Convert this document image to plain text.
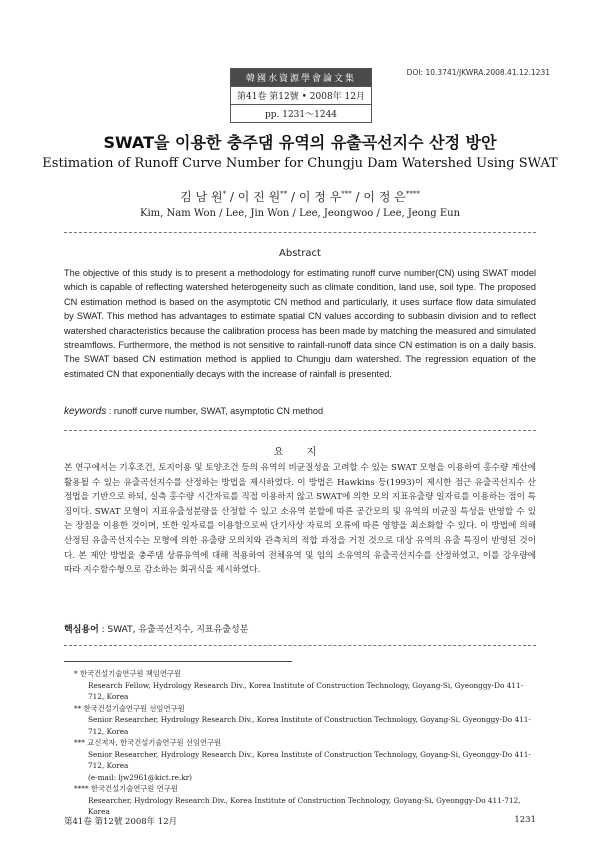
韓國水資源學會論文集
第41卷 第12號 • 2008年 12月
pp. 1231～1244
DOI: 10.3741/JKWRA.2008.41.12.1231
SWAT을 이용한 충주댐 유역의 유출곡선지수 산정 방안
Estimation of Runoff Curve Number for Chungju Dam Watershed Using SWAT
김 남 원* / 이 진 원** / 이 정 우*** / 이 정 은****
Kim, Nam Won / Lee, Jin Won / Lee, Jeongwoo / Lee, Jeong Eun
Abstract
The objective of this study is to present a methodology for estimating runoff curve number(CN) using SWAT model which is capable of reflecting watershed heterogeneity such as climate condition, land use, soil type. The proposed CN estimation method is based on the asymptotic CN method and particularly, it uses surface flow data simulated by SWAT. This method has advantages to estimate spatial CN values according to subbasin division and to reflect watershed characteristics because the calibration process has been made by matching the measured and simulated streamflows. Furthermore, the method is not sensitive to rainfall-runoff data since CN estimation is on a daily basis. The SWAT based CN estimation method is applied to Chungju dam watershed. The regression equation of the estimated CN that exponentially decays with the increase of rainfall is presented.
keywords : runoff curve number, SWAT, asymptotic CN method
요 지
본 연구에서는 기후조건, 토지이용 및 토양조건 등의 유역의 비균질성을 고려할 수 있는 SWAT 모형을 이용하여 홍수량 계산에 활용될 수 있는 유출곡선지수를 산정하는 방법을 제시하였다. 이 방법은 Hawkins 등(1993)이 제시한 점근 유출곡선지수 산정법을 기반으로 하되, 실측 홍수량 시간자료를 직접 이용하지 않고 SWAT에 의한 모의 지표유출량 일자료를 이용하는 점이 특징이다. SWAT 모형이 지표유출성분량을 산정할 수 있고 소유역 분할에 따른 공간모의 및 유역의 비균질 특성을 반영할 수 있는 장점을 이용한 것이며, 또한 일자료를 이용함으로써 단기사상 자료의 오류에 따른 영향을 최소화할 수 있다. 이 방법에 의해 산정된 유출곡선지수는 모형에 의한 유출량 모의치와 관측치의 적합 과정을 거친 것으로 대상 유역의 유출 특징이 반영된 것이다. 본 제안 방법을 충주댐 상류유역에 대해 적용하여 전체유역 및 임의 소유역의 유출곡선지수를 산정하였고, 이를 강우량에 따라 지수함수형으로 감소하는 회귀식을 제시하였다.
핵심용어 : SWAT, 유출곡선지수, 지표유출성분
* 한국건설기술연구원 책임연구원
Research Fellow, Hydrology Research Div., Korea Institute of Construction Technology, Goyang-Si, Gyeonggy-Do 411-712, Korea
** 한국건설기술연구원 선임연구원
Senior Researcher, Hydrology Research Div., Korea Institute of Construction Technology, Goyang-Si, Gyeonggy-Do 411-712, Korea
*** 교신저자, 한국건설기술연구원 선임연구원
Senior Researcher, Hydrology Research Div., Korea Institute of Construction Technology, Goyang-Si, Gyeonggy-Do 411-712, Korea
(e-mail: ljw2961@kict.re.kr)
**** 한국건설기술연구원 연구원
Researcher, Hydrology Research Div., Korea Institute of Construction Technology, Goyang-Si, Gyeonggy-Do 411-712, Korea
第41卷 第12號 2008年 12月	1231
